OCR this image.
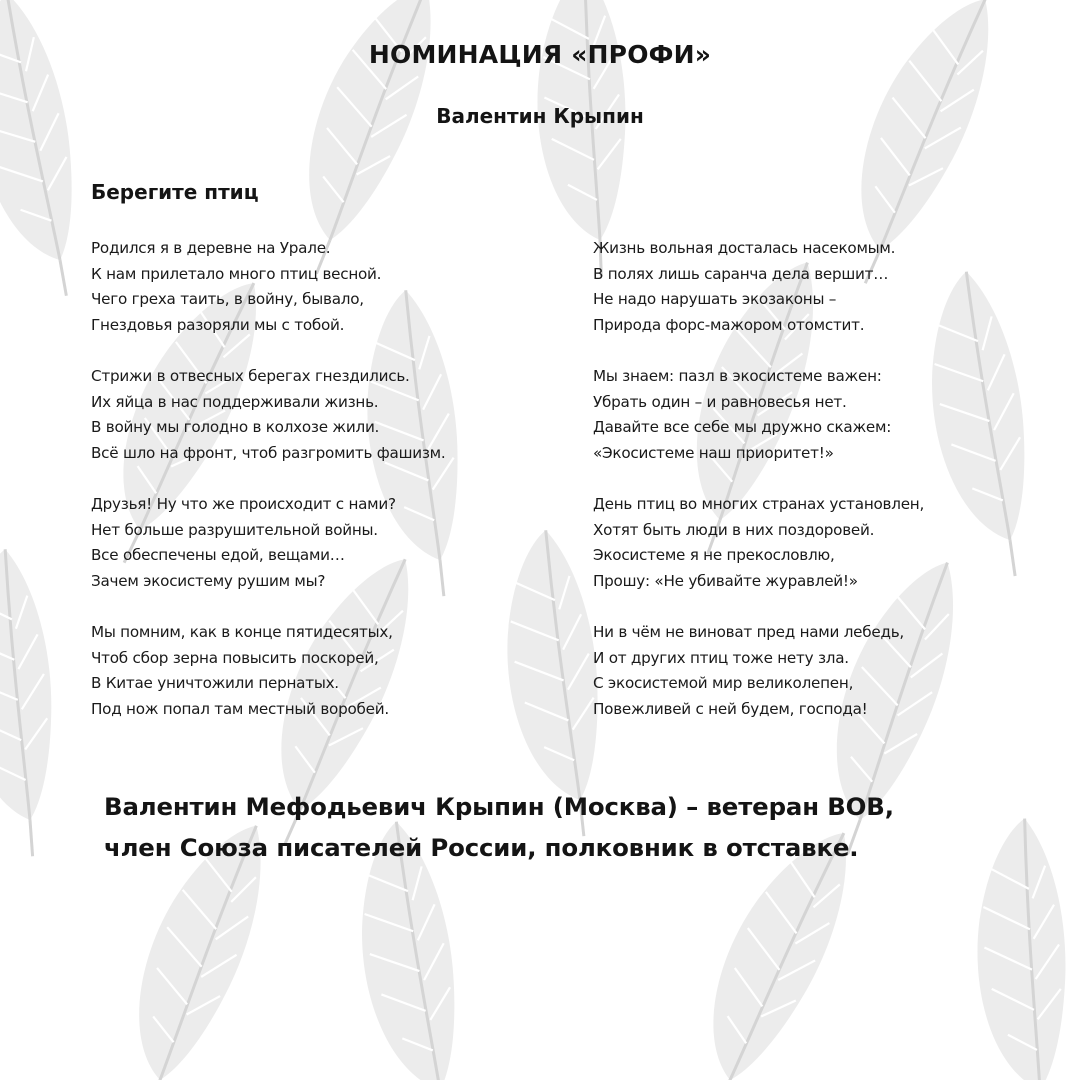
НОМИНАЦИЯ «ПРОФИ»
Валентин Крыпин
Берегите птиц
Родился я в деревне на Урале.
К нам прилетало много птиц весной.
Чего греха таить, в войну, бывало,
Гнездовья разоряли мы с тобой.
Стрижи в отвесных берегах гнездились.
Их яйца в нас поддерживали жизнь.
В войну мы голодно в колхозе жили.
Всё шло на фронт, чтоб разгромить фашизм.
Друзья! Ну что же происходит с нами?
Нет больше разрушительной войны.
Все обеспечены едой, вещами…
Зачем экосистему рушим мы?
Мы помним, как в конце пятидесятых,
Чтоб сбор зерна повысить поскорей,
В Китае уничтожили пернатых.
Под нож попал там местный воробей.
Жизнь вольная досталась насекомым.
В полях лишь саранча дела вершит…
Не надо нарушать экозаконы –
Природа форс-мажором отомстит.
Мы знаем: пазл в экосистеме важен:
Убрать один – и равновесья нет.
Давайте все себе мы дружно скажем:
«Экосистеме наш приоритет!»
День птиц во многих странах установлен,
Хотят быть люди в них поздоровей.
Экосистеме я не прекословлю,
Прошу: «Не убивайте журавлей!»
Ни в чём не виноват пред нами лебедь,
И от других птиц тоже нету зла.
С экосистемой мир великолепен,
Повежливей с ней будем, господа!
Валентин Мефодьевич Крыпин (Москва) – ветеран ВОВ,
член Союза писателей России, полковник в отставке.
